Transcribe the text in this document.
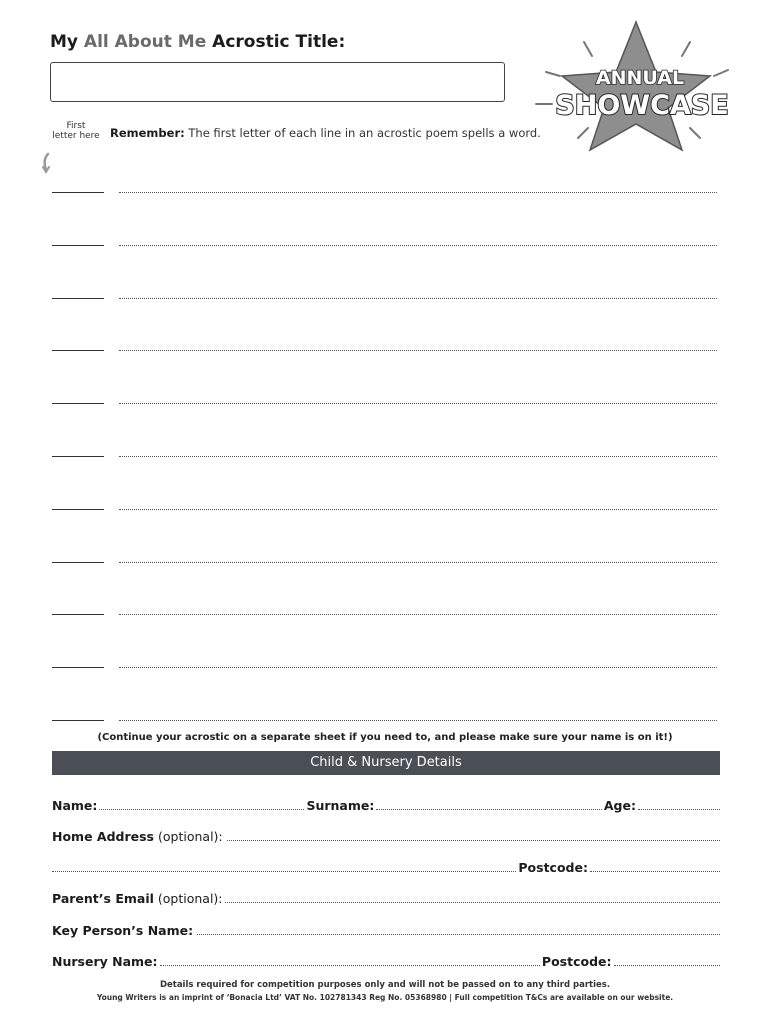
My All About Me Acrostic Title:
First
letter here Remember: The first letter of each line in an acrostic poem spells a word.
ANNUAL
SHOWCASE
(Continue your acrostic on a separate sheet if you need to, and please make sure your name is on it!)
Child & Nursery Details
Name:	Surname:	Age:
Home Address (optional):
Postcode:
Parent’s Email (optional):
Key Person’s Name:
Nursery Name:	Postcode:
Details required for competition purposes only and will not be passed on to any third parties.
Young Writers is an imprint of ‘Bonacia Ltd’ VAT No. 102781343 Reg No. 05368980 | Full competition T&Cs are available on our website.
